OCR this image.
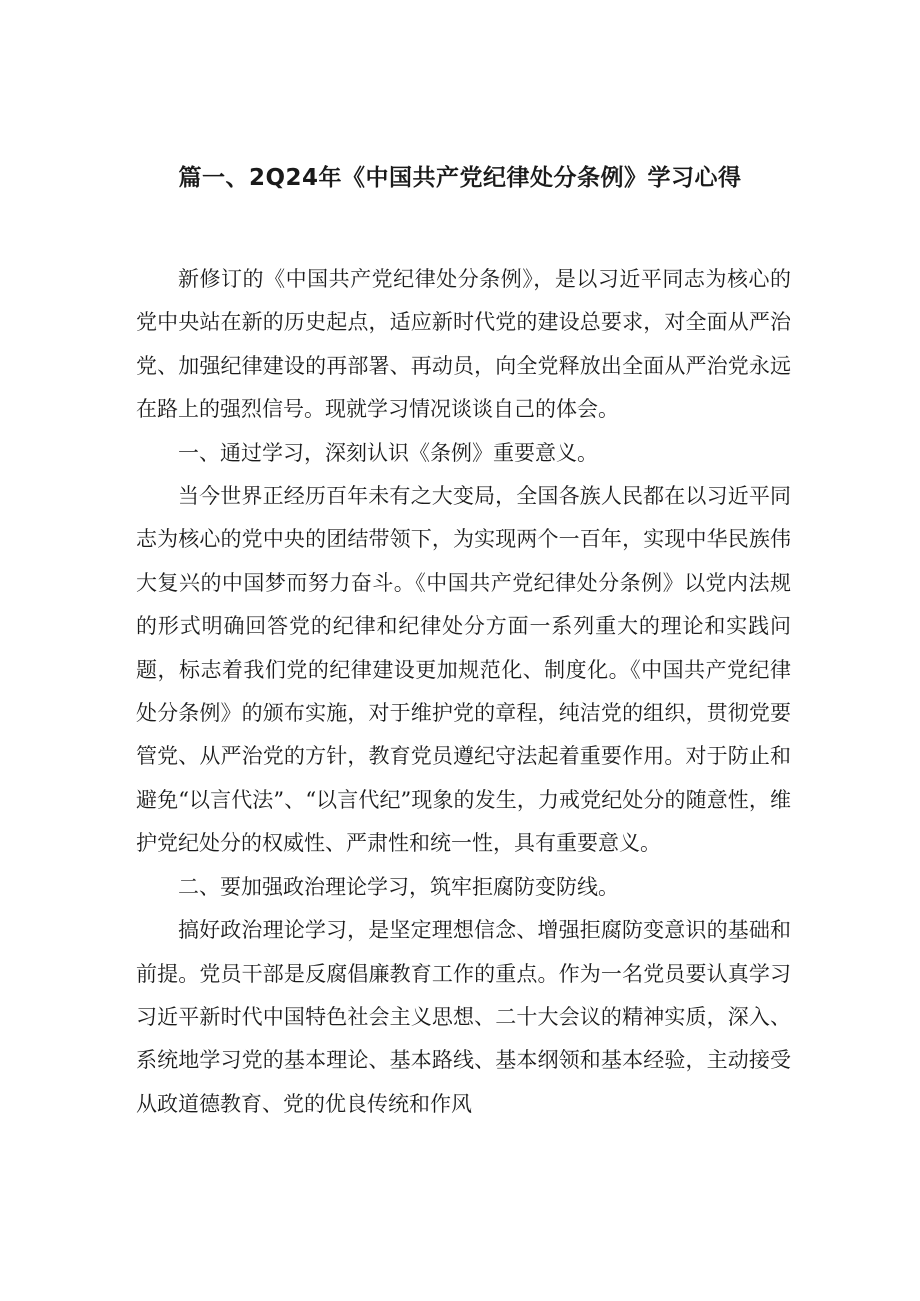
篇一、2Q24年《中国共产党纪律处分条例》学习心得

新修订的《中国共产党纪律处分条例》，是以习近平同志为核心的党中央站在新的历史起点，适应新时代党的建设总要求，对全面从严治党、加强纪律建设的再部署、再动员，向全党释放出全面从严治党永远在路上的强烈信号。现就学习情况谈谈自己的体会。

一、通过学习，深刻认识《条例》重要意义。

当今世界正经历百年未有之大变局，全国各族人民都在以习近平同志为核心的党中央的团结带领下，为实现两个一百年，实现中华民族伟大复兴的中国梦而努力奋斗。《中国共产党纪律处分条例》以党内法规的形式明确回答党的纪律和纪律处分方面一系列重大的理论和实践问题，标志着我们党的纪律建设更加规范化、制度化。《中国共产党纪律处分条例》的颁布实施，对于维护党的章程，纯洁党的组织，贯彻党要管党、从严治党的方针，教育党员遵纪守法起着重要作用。对于防止和避免“以言代法”、“以言代纪”现象的发生，力戒党纪处分的随意性，维护党纪处分的权威性、严肃性和统一性，具有重要意义。

二、要加强政治理论学习，筑牢拒腐防变防线。

搞好政治理论学习，是坚定理想信念、增强拒腐防变意识的基础和前提。党员干部是反腐倡廉教育工作的重点。作为一名党员要认真学习习近平新时代中国特色社会主义思想、二十大会议的精神实质，深入、系统地学习党的基本理论、基本路线、基本纲领和基本经验，主动接受从政道德教育、党的优良传统和作风
